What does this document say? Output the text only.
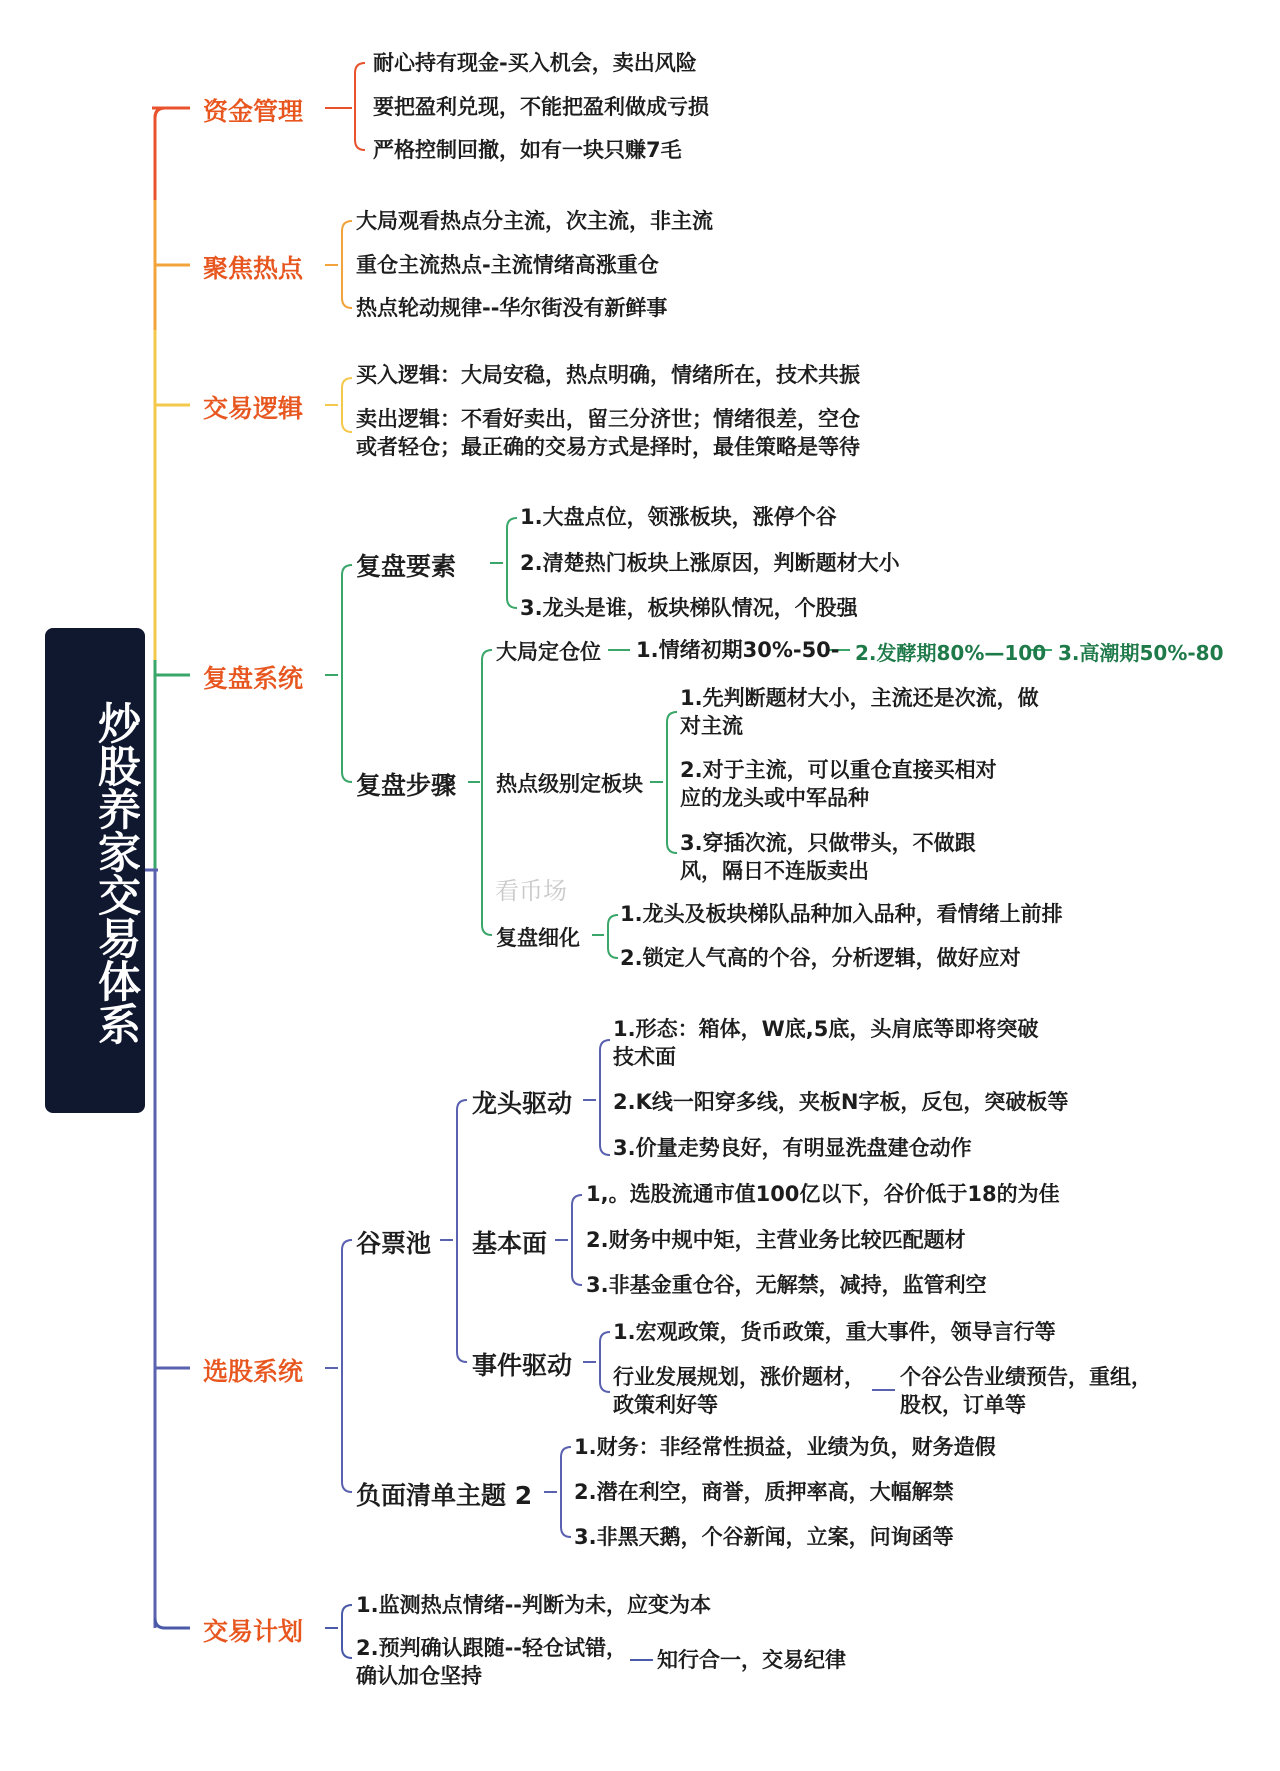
炒股养家交易体系
资金管理
耐心持有现金-买入机会，卖出风险
要把盈利兑现，不能把盈利做成亏损
严格控制回撤，如有一块只赚7毛
聚焦热点
大局观看热点分主流，次主流，非主流
重仓主流热点-主流情绪高涨重仓
热点轮动规律--华尔街没有新鲜事
交易逻辑
买入逻辑：大局安稳，热点明确，情绪所在，技术共振
卖出逻辑：不看好卖出，留三分济世；情绪很差，空仓
或者轻仓；最正确的交易方式是择时，最佳策略是等待
复盘系统
复盘要素
1.大盘点位，领涨板块，涨停个谷
2.清楚热门板块上涨原因，判断题材大小
3.龙头是谁，板块梯队情况，个股强
复盘步骤
大局定仓位 1.情绪初期30%-50- 2.发酵期80%—100 3.高潮期50%-80
热点级别定板块
1.先判断题材大小，主流还是次流，做
对主流
2.对于主流，可以重仓直接买相对
应的龙头或中军品种
3.穿插次流，只做带头，不做跟
风，隔日不连版卖出
复盘细化
1.龙头及板块梯队品种加入品种，看情绪上前排
2.锁定人气高的个谷，分析逻辑，做好应对
看币场
选股系统
谷票池
龙头驱动
1.形态：箱体，W底,5底，头肩底等即将突破
技术面
2.K线一阳穿多线，夹板N字板，反包，突破板等
3.价量走势良好，有明显洗盘建仓动作
基本面
1,。选股流通市值100亿以下，谷价低于18的为佳
2.财务中规中矩，主营业务比较匹配题材
3.非基金重仓谷，无解禁，减持，监管利空
事件驱动
1.宏观政策，货币政策，重大事件，领导言行等
行业发展规划，涨价题材，
政策利好等
个谷公告业绩预告，重组，
股权，订单等
负面清单主题 2
1.财务：非经常性损益，业绩为负，财务造假
2.潜在利空，商誉，质押率高，大幅解禁
3.非黑天鹅，个谷新闻，立案，问询函等
交易计划
1.监测热点情绪--判断为未，应变为本
2.预判确认跟随--轻仓试错，
确认加仓坚持
知行合一，交易纪律
